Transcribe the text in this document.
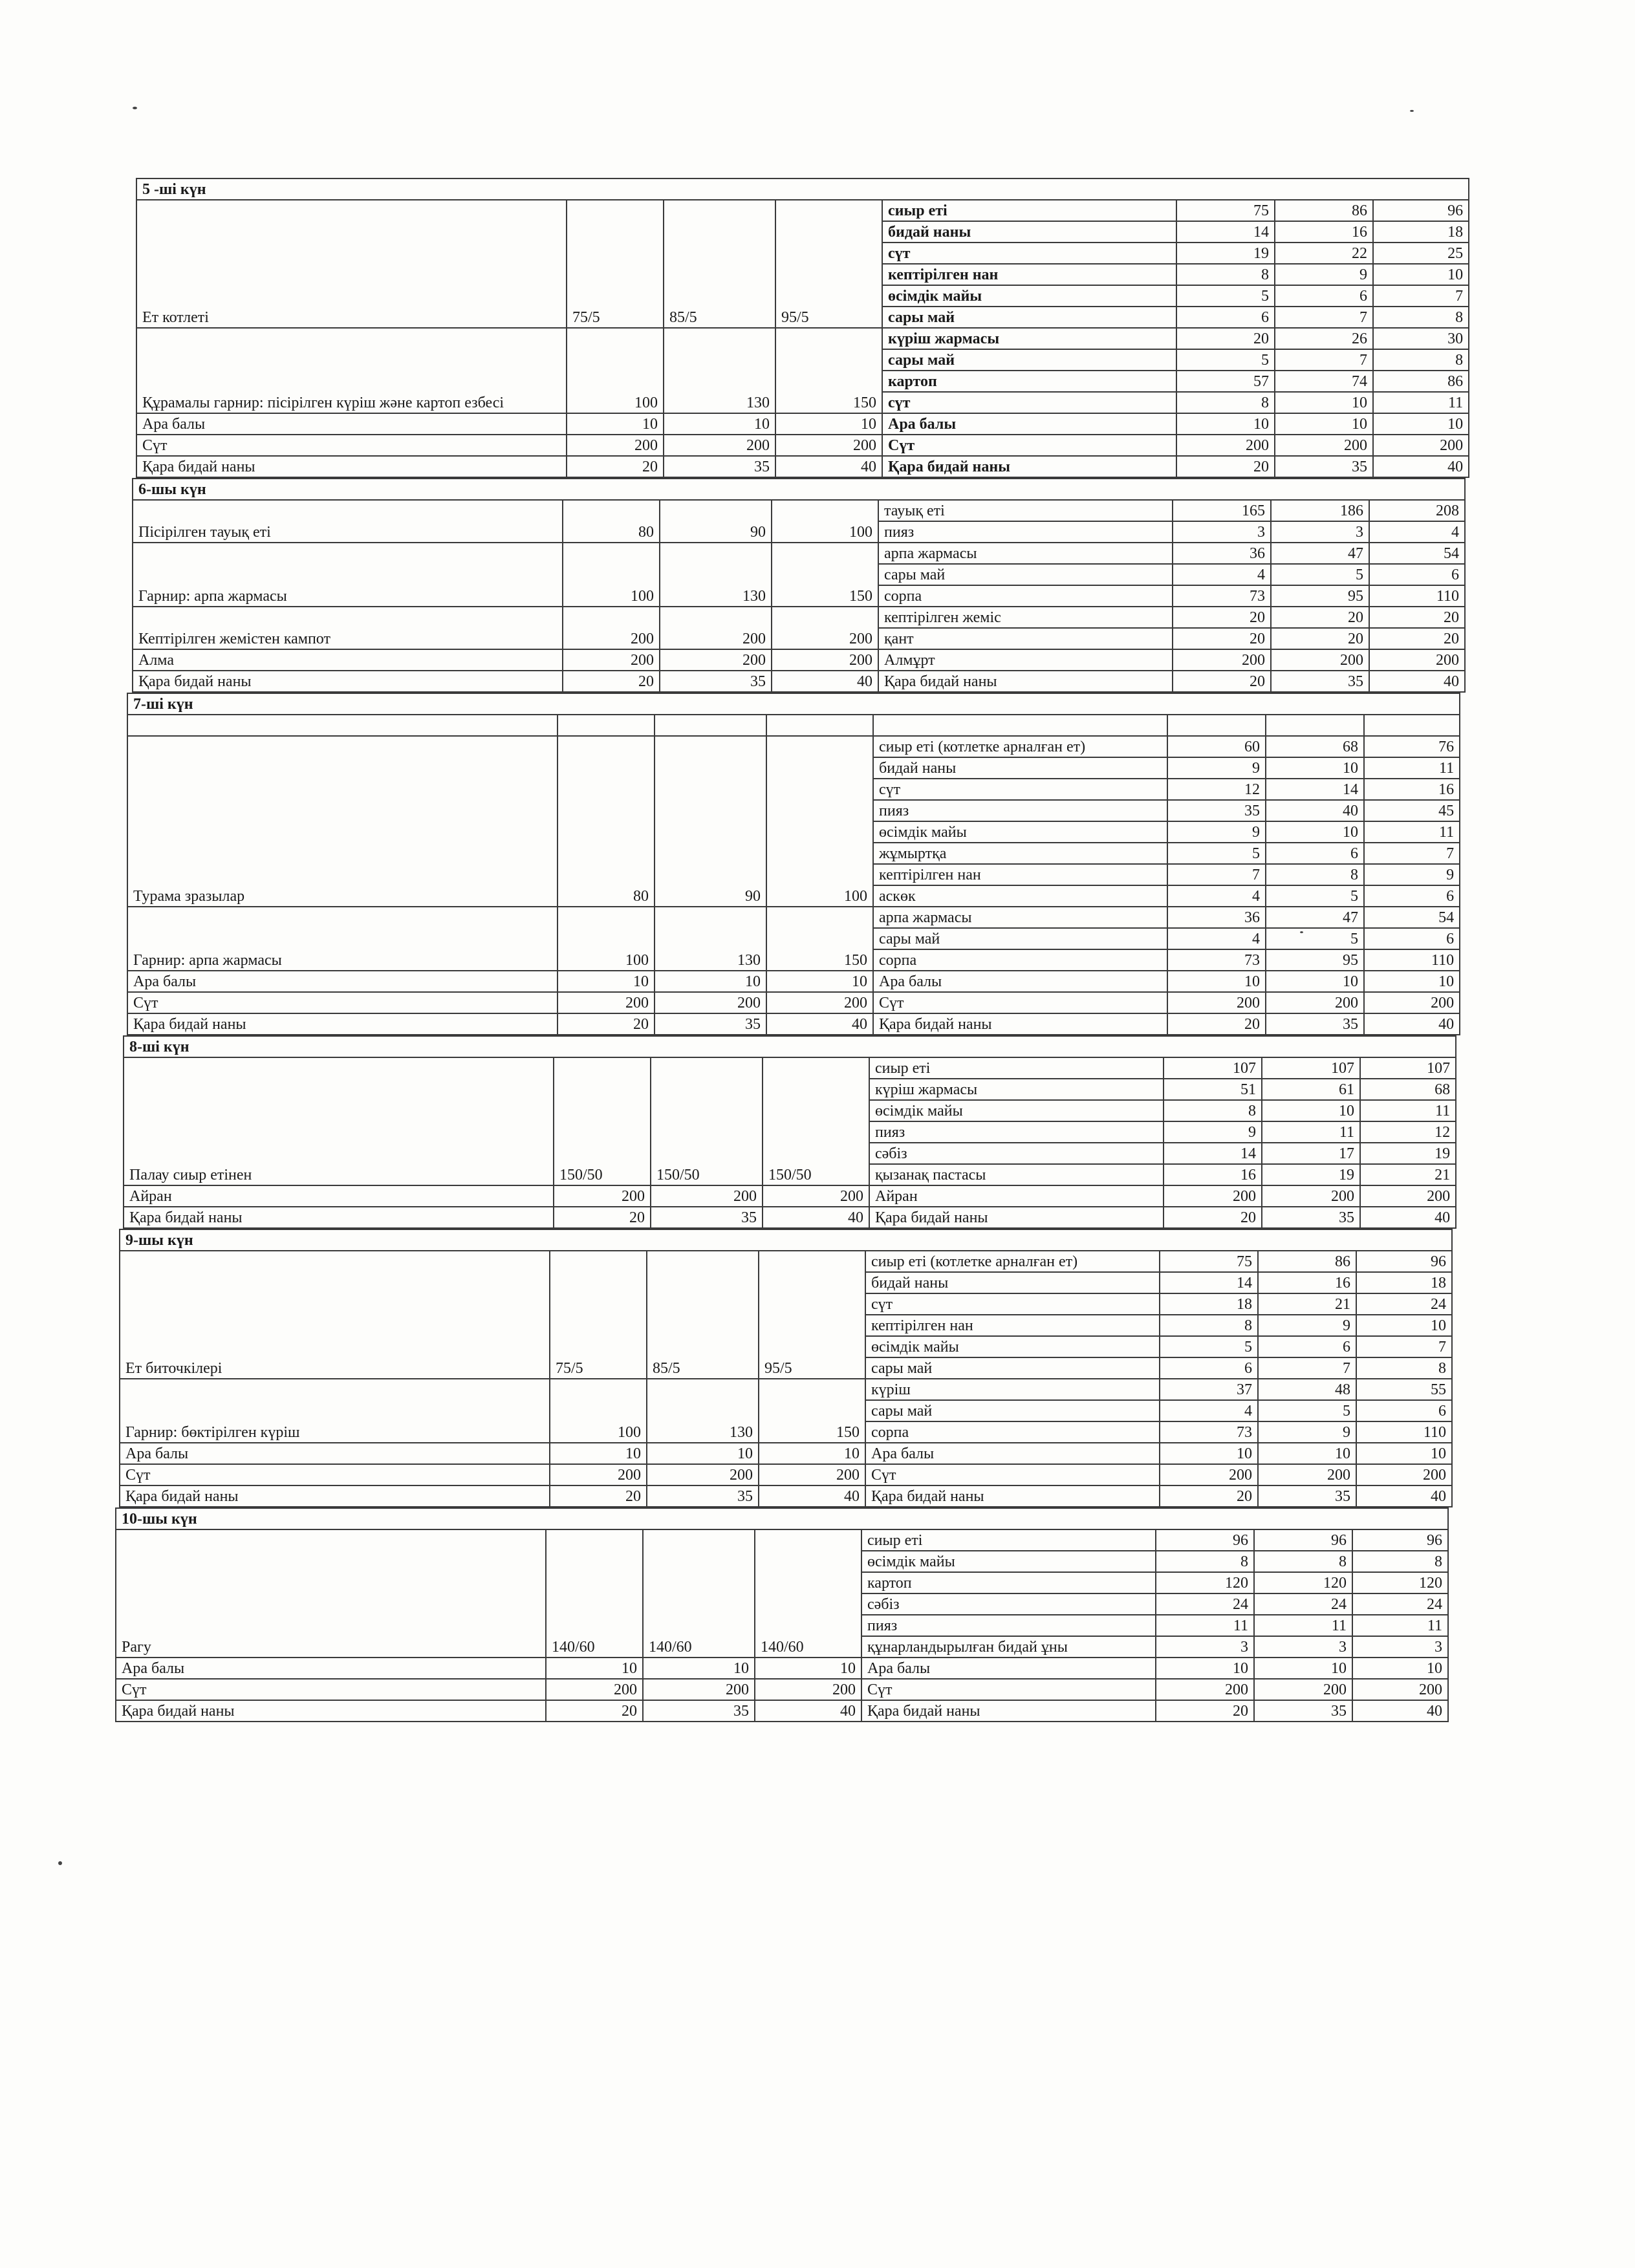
5 -ші күн							
Ет котлеті	75/5	85/5	95/5	сиыр еті	75	86	96
				бидай наны	14	16	18
				сүт	19	22	25
				кептірілген нан	8	9	10
				өсімдік майы	5	6	7
				сары май	6	7	8
Құрамалы гарнир: пісірілген күріш және картоп езбесі	100	130	150	күріш жармасы	20	26	30
				сары май	5	7	8
				картоп	57	74	86
				сүт	8	10	11
Ара балы	10	10	10	Ара балы	10	10	10
Сүт	200	200	200	Сүт	200	200	200
Қара бидай наны	20	35	40	Қара бидай наны	20	35	40
6-шы күн							
Пісірілген тауық еті	80	90	100	тауық еті	165	186	208
				пияз	3	3	4
Гарнир: арпа жармасы	100	130	150	арпа жармасы	36	47	54
				сары май	4	5	6
				сорпа	73	95	110
Кептірілген жемістен кампот	200	200	200	кептірілген жеміс	20	20	20
				қант	20	20	20
Алма	200	200	200	Алмұрт	200	200	200
Қара бидай наны	20	35	40	Қара бидай наны	20	35	40
7-ші күн							

Турама зразылар	80	90	100	сиыр еті (котлетке арналған ет)	60	68	76
				бидай наны	9	10	11
				сүт	12	14	16
				пияз	35	40	45
				өсімдік майы	9	10	11
				жұмыртқа	5	6	7
				кептірілген нан	7	8	9
				аскөк	4	5	6
Гарнир: арпа жармасы	100	130	150	арпа жармасы	36	47	54
				сары май	4	5	6
				сорпа	73	95	110
Ара балы	10	10	10	Ара балы	10	10	10
Сүт	200	200	200	Сүт	200	200	200
Қара бидай наны	20	35	40	Қара бидай наны	20	35	40
8-ші күн							
Палау сиыр етінен	150/50	150/50	150/50	сиыр еті	107	107	107
				күріш жармасы	51	61	68
				өсімдік майы	8	10	11
				пияз	9	11	12
				сәбіз	14	17	19
				қызанақ пастасы	16	19	21
Айран	200	200	200	Айран	200	200	200
Қара бидай наны	20	35	40	Қара бидай наны	20	35	40
9-шы күн							
Ет биточкілері	75/5	85/5	95/5	сиыр еті (котлетке арналған ет)	75	86	96
				бидай наны	14	16	18
				сүт	18	21	24
				кептірілген нан	8	9	10
				өсімдік майы	5	6	7
				сары май	6	7	8
Гарнир: бөктірілген күріш	100	130	150	күріш	37	48	55
				сары май	4	5	6
				сорпа	73	9	110
Ара балы	10	10	10	Ара балы	10	10	10
Сүт	200	200	200	Сүт	200	200	200
Қара бидай наны	20	35	40	Қара бидай наны	20	35	40
10-шы күн							
Рагу	140/60	140/60	140/60	сиыр еті	96	96	96
				өсімдік майы	8	8	8
				картоп	120	120	120
				сәбіз	24	24	24
				пияз	11	11	11
				құнарландырылған бидай ұны	3	3	3
Ара балы	10	10	10	Ара балы	10	10	10
Сүт	200	200	200	Сүт	200	200	200
Қара бидай наны	20	35	40	Қара бидай наны	20	35	40
